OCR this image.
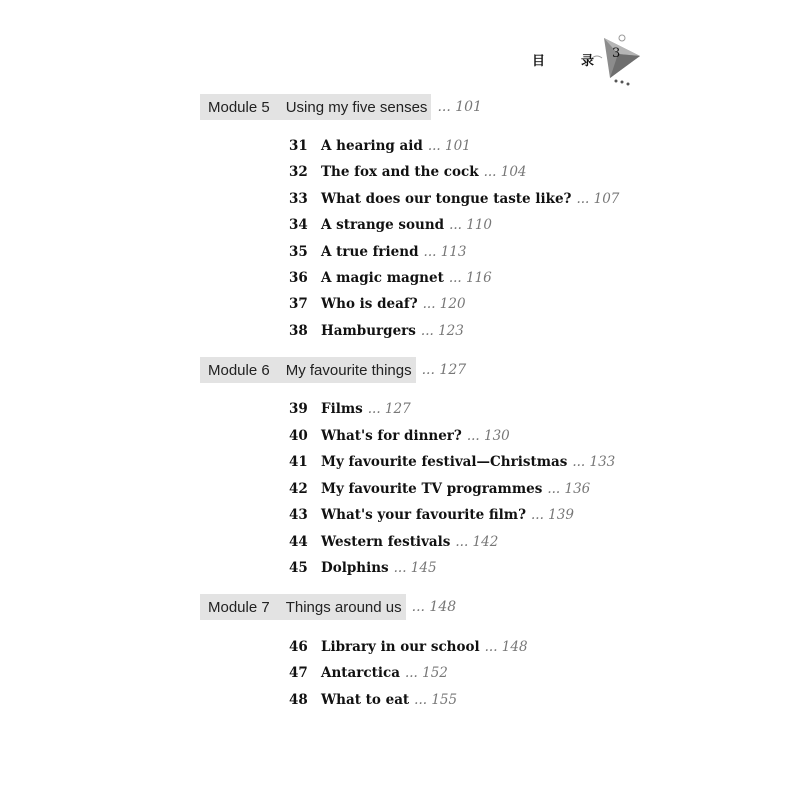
目	录
3
Module 5 Using my five senses ... 101
31 A hearing aid ... 101
32 The fox and the cock ... 104
33 What does our tongue taste like? ... 107
34 A strange sound ... 110
35 A true friend ... 113
36 A magic magnet ... 116
37 Who is deaf? ... 120
38 Hamburgers ... 123
Module 6 My favourite things ... 127
39 Films ... 127
40 What's for dinner? ... 130
41 My favourite festival—Christmas ... 133
42 My favourite TV programmes ... 136
43 What's your favourite film? ... 139
44 Western festivals ... 142
45 Dolphins ... 145
Module 7 Things around us ... 148
46 Library in our school ... 148
47 Antarctica ... 152
48 What to eat ... 155
